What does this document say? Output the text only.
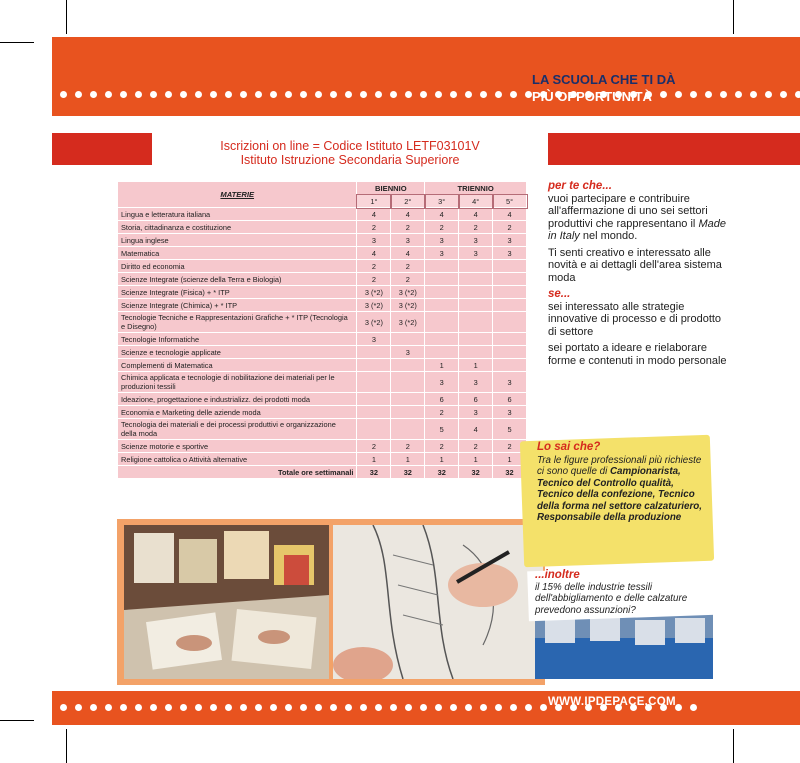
LA SCUOLA CHE TI DÀ
PIÙ OPPORTUNITÀ
Iscrizioni on line = Codice Istituto LETF03101V
Istituto Istruzione Secondaria Superiore
MATERIE	BIENNIO		TRIENNIO		
	1°	2°	3°	4°	5°
Lingua e letteratura italiana	4	4	4	4	4
Storia, cittadinanza e costituzione	2	2	2	2	2
Lingua inglese	3	3	3	3	3
Matematica	4	4	3	3	3
Diritto ed economia	2	2			
Scienze Integrate (scienze della Terra e Biologia)	2	2			
Scienze Integrate (Fisica) + * ITP	3 (*2)	3 (*2)			
Scienze Integrate (Chimica) + * ITP	3 (*2)	3 (*2)			
Tecnologie Tecniche e Rappresentazioni Grafiche + * ITP (Tecnologia e Disegno)	3 (*2)	3 (*2)			
Tecnologie Informatiche	3				
Scienze e tecnologie applicate		3			
Complementi di Matematica			1	1	
Chimica applicata e tecnologie di nobilitazione dei materiali per le produzioni tessili			3	3	3
Ideazione, progettazione e industrializz. dei prodotti moda			6	6	6
Economia e Marketing delle aziende moda			2	3	3
Tecnologia dei materiali e dei processi produttivi e organizzazione della moda			5	4	5
Scienze motorie e sportive	2	2	2	2	2
Religione cattolica o Attività alternative	1	1	1	1	1
Totale ore settimanali	32	32	32	32	32
per te che...

vuoi partecipare e contribuire all'affermazione di uno sei settori produttivi che rappresentano il Made in Italy nel mondo.

Ti senti creativo e interessato alle novità e ai dettagli dell'area sistema moda

se...

sei interessato alle strategie innovative di processo e di prodotto di settore

sei portato a ideare e rielaborare forme e contenuti in modo personale

Lo sai che?
Tra le figure professionali più richieste ci sono quelle di Campionarista, Tecnico del Controllo qualità, Tecnico della confezione, Tecnico della forma nel settore calzaturiero, Responsabile della produzione
...inoltre
il 15% delle industrie tessili dell'abbigliamento e delle calzature prevedono assunzioni?
WWW.IPDEPACE.COM
